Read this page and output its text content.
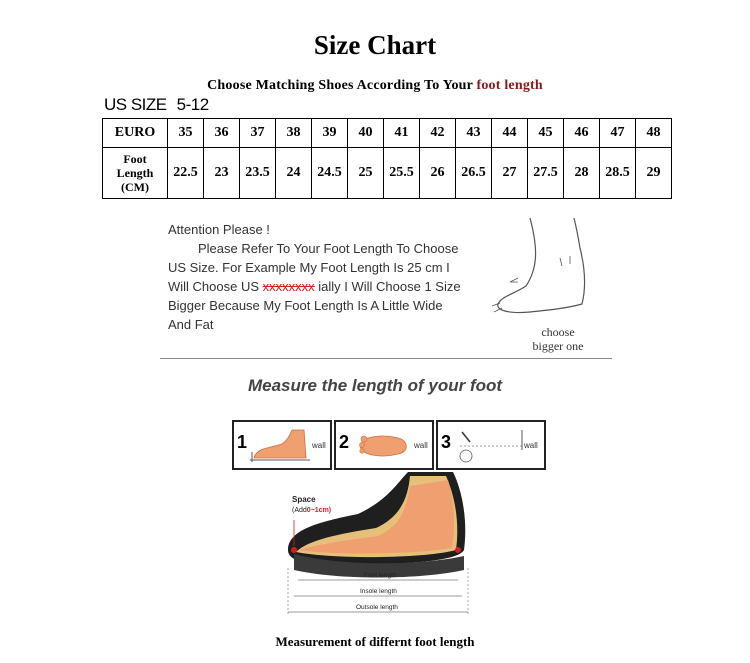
Size Chart
Choose Matching Shoes According To Your foot length
US SIZE 5-12
EURO	35	36	37	38	39	40	41	42	43	44	45	46	47	48
Foot
Length
(CM)	22.5	23	23.5	24	24.5	25	25.5	26	26.5	27	27.5	28	28.5	29
Attention Please !
Please Refer To Your Foot Length To Choose
US Size. For Example My Foot Length Is 25 cm I
Will Choose US xxxxxxxx ially I Will Choose 1 Size
Bigger Because My Foot Length Is A Little Wide
And Fat	choose
bigger one
Measure the length of your foot
1	wall 2	wall 3	wall
Space
(Add0~1cm)
Foot length
Insole length
Outsole length
Measurement of differnt foot length
